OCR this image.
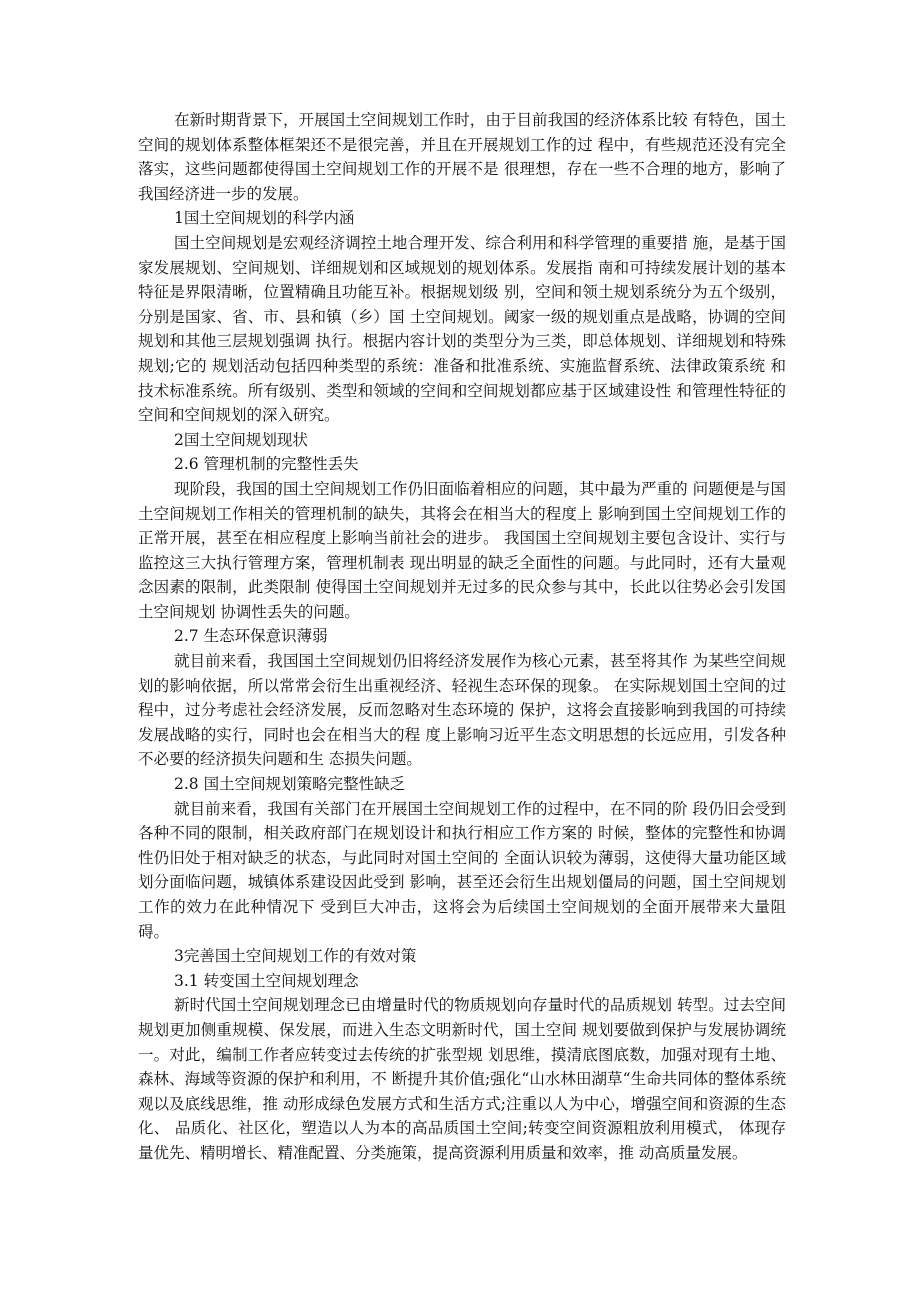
在新时期背景下，开展国土空间规划工作时，由于目前我国的经济体系比较 有特色，国土空间的规划体系整体框架还不是很完善，并且在开展规划工作的过 程中，有些规范还没有完全落实，这些问题都使得国土空间规划工作的开展不是 很理想，存在一些不合理的地方，影响了我国经济进一步的发展。

1国土空间规划的科学内涵

国土空间规划是宏观经济调控土地合理开发、综合利用和科学管理的重要措 施，是基于国家发展规划、空间规划、详细规划和区域规划的规划体系。发展指 南和可持续发展计划的基本特征是界限清晰，位置精确且功能互补。根据规划级 别，空间和领土规划系统分为五个级别，分别是国家、省、市、县和镇（乡）国 土空间规划。阈家一级的规划重点是战略，协调的空间规划和其他三层规划强调 执行。根据内容计划的类型分为三类，即总体规划、详细规划和特殊规划;它的 规划活动包括四种类型的系统：准备和批准系统、实施监督系统、法律政策系统 和技术标准系统。所有级别、类型和领域的空间和空间规划都应基于区域建设性 和管理性特征的空间和空间规划的深入研究。

2国土空间规划现状

2.6 管理机制的完整性丢失

现阶段，我国的国土空间规划工作仍旧面临着相应的问题，其中最为严重的 问题便是与国土空间规划工作相关的管理机制的缺失，其将会在相当大的程度上 影响到国土空间规划工作的正常开展，甚至在相应程度上影响当前社会的进步。 我国国土空间规划主要包含设计、实行与监控这三大执行管理方案，管理机制表 现出明显的缺乏全面性的问题。与此同时，还有大量观念因素的限制，此类限制 使得国土空间规划并无过多的民众参与其中，长此以往势必会引发国土空间规划 协调性丢失的问题。

2.7 生态环保意识薄弱

就目前来看，我国国土空间规划仍旧将经济发展作为核心元素，甚至将其作 为某些空间规划的影响依据，所以常常会衍生出重视经济、轻视生态环保的现象。 在实际规划国土空间的过程中，过分考虑社会经济发展，反而忽略对生态环境的 保护，这将会直接影响到我国的可持续发展战略的实行，同时也会在相当大的程 度上影响习近平生态文明思想的长远应用，引发各种不必要的经济损失问题和生 态损失问题。

2.8 国土空间规划策略完整性缺乏

就目前来看，我国有关部门在开展国土空间规划工作的过程中，在不同的阶 段仍旧会受到各种不同的限制，相关政府部门在规划设计和执行相应工作方案的 时候，整体的完整性和协调性仍旧处于相对缺乏的状态，与此同时对国土空间的 全面认识较为薄弱，这使得大量功能区域划分面临问题，城镇体系建设因此受到 影响，甚至还会衍生出规划僵局的问题，国土空间规划工作的效力在此种情况下 受到巨大冲击，这将会为后续国土空间规划的全面开展带来大量阻碍。

3完善国土空间规划工作的有效对策

3.1 转变国土空间规划理念

新时代国土空间规划理念已由增量时代的物质规划向存量时代的品质规划 转型。过去空间规划更加侧重规模、保发展，而进入生态文明新时代，国土空间 规划要做到保护与发展协调统一。对此，编制工作者应转变过去传统的扩张型规 划思维，摸清底图底数，加强对现有土地、森林、海域等资源的保护和利用，不 断提升其价值;强化“山水林田湖草“生命共同体的整体系统观以及底线思维，推 动形成绿色发展方式和生活方式;注重以人为中心，增强空间和资源的生态化、 品质化、社区化，塑造以人为本的高品质国土空间;转变空间资源粗放利用模式， 体现存量优先、精明增长、精准配置、分类施策，提高资源利用质量和效率，推 动高质量发展。
